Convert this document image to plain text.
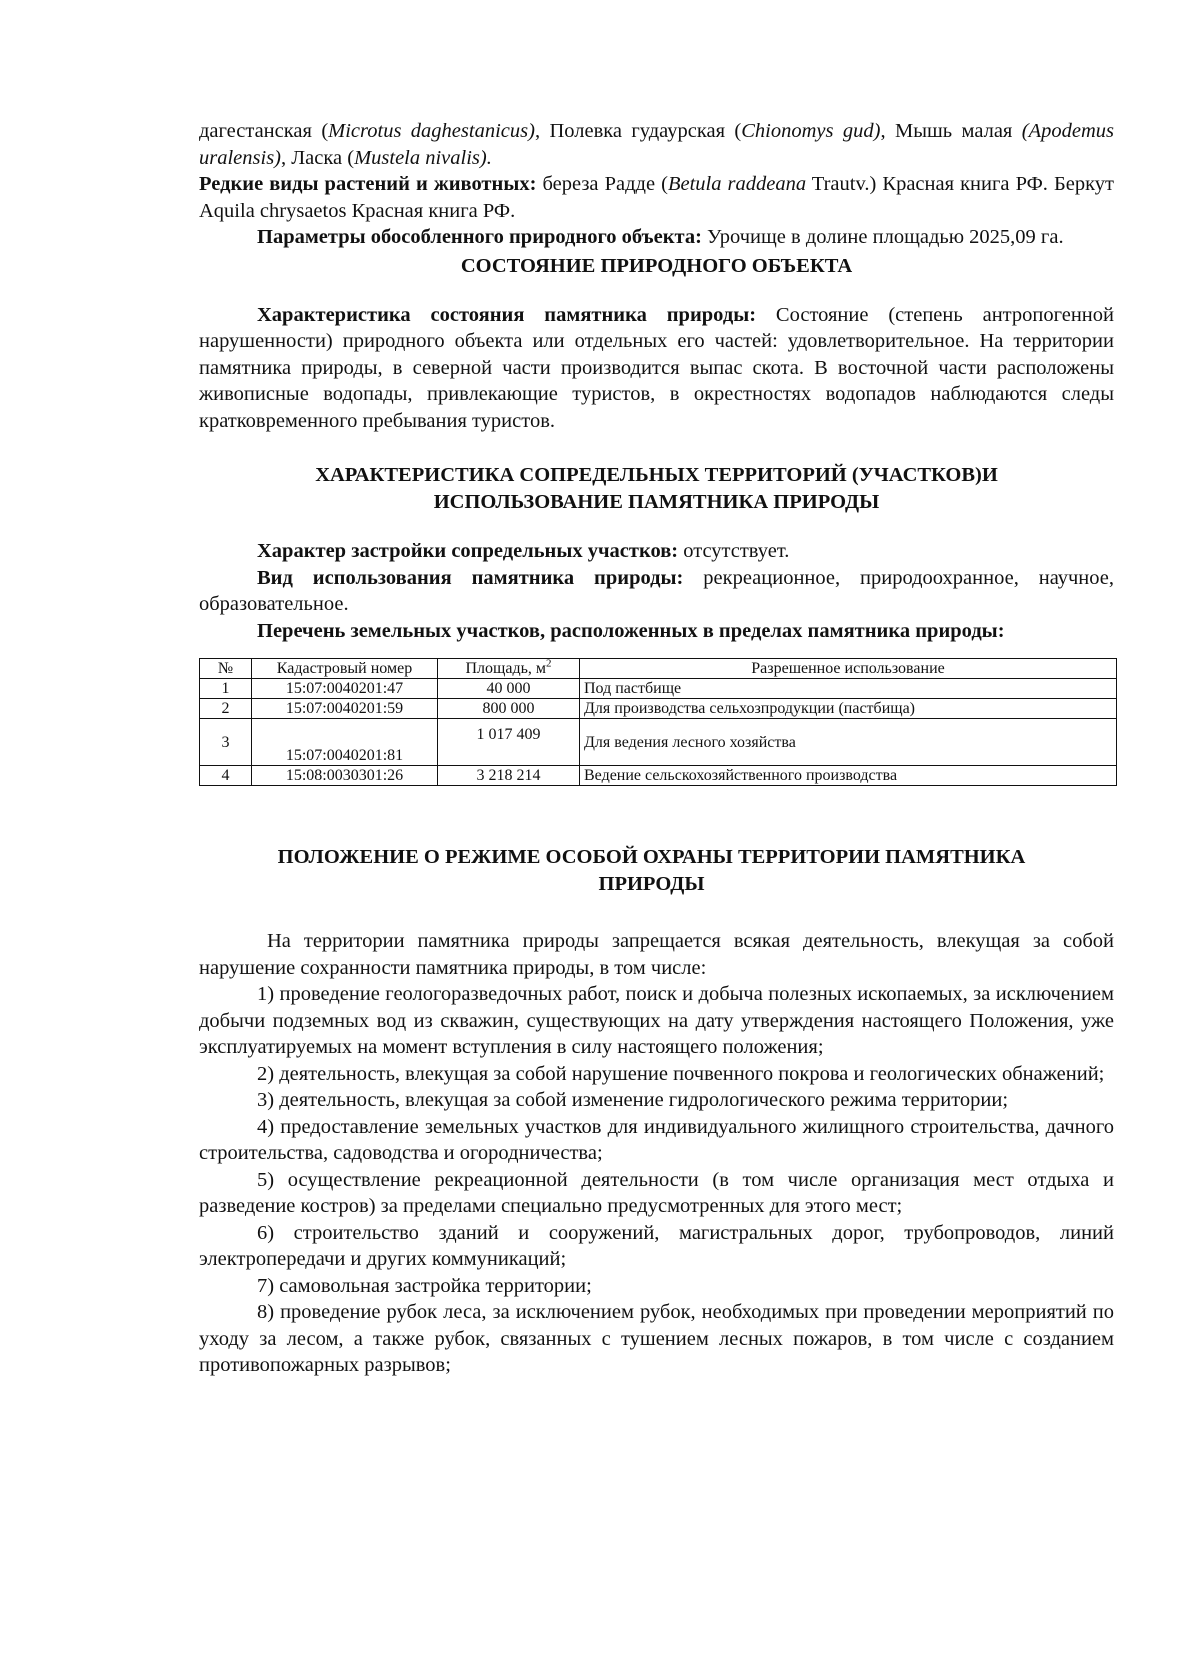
дагестанская (Microtus daghestanicus), Полевка гудаурская (Chionomys gud), Мышь малая (Apodemus uralensis), Ласка (Mustela nivalis).

Редкие виды растений и животных: береза Радде (Betula raddeana Trautv.) Красная книга РФ. Беркут Aquila chrysaetos Красная книга РФ.

Параметры обособленного природного объекта: Урочище в долине площадью 2025,09 га.

СОСТОЯНИЕ ПРИРОДНОГО ОБЪЕКТА

Характеристика состояния памятника природы: Состояние (степень антропогенной нарушенности) природного объекта или отдельных его частей: удовлетворительное. На территории памятника природы, в северной части производится выпас скота. В восточной части расположены живописные водопады, привлекающие туристов, в окрестностях водопадов наблюдаются следы кратковременного пребывания туристов.

ХАРАКТЕРИСТИКА СОПРЕДЕЛЬНЫХ ТЕРРИТОРИЙ (УЧАСТКОВ)И
ИСПОЛЬЗОВАНИЕ ПАМЯТНИКА ПРИРОДЫ

Характер застройки сопредельных участков: отсутствует.

Вид использования памятника природы: рекреационное, природоохранное, научное, образовательное.

Перечень земельных участков, расположенных в пределах памятника природы:

№	Кадастровый номер	Площадь, $м^2$	Разрешенное использование
1	15:07:0040201:47	40 000	Под пастбище
2	15:07:0040201:59	800 000	Для производства сельхозпродукции (пастбища)
3	15:07:0040201:81	1 017 409	Для ведения лесного хозяйства
4	15:08:0030301:26	3 218 214	Ведение сельскохозяйственного производства
ПОЛОЖЕНИЕ О РЕЖИМЕ ОСОБОЙ ОХРАНЫ ТЕРРИТОРИИ ПАМЯТНИКА
ПРИРОДЫ

На территории памятника природы запрещается всякая деятельность, влекущая за собой нарушение сохранности памятника природы, в том числе:

1) проведение геологоразведочных работ, поиск и добыча полезных ископаемых, за исключением добычи подземных вод из скважин, существующих на дату утверждения настоящего Положения, уже эксплуатируемых на момент вступления в силу настоящего положения;

2) деятельность, влекущая за собой нарушение почвенного покрова и геологических обнажений;

3) деятельность, влекущая за собой изменение гидрологического режима территории;

4) предоставление земельных участков для индивидуального жилищного строительства, дачного строительства, садоводства и огородничества;

5) осуществление рекреационной деятельности (в том числе организация мест отдыха и разведение костров) за пределами специально предусмотренных для этого мест;

6) строительство зданий и сооружений, магистральных дорог, трубопроводов, линий электропередачи и других коммуникаций;

7) самовольная застройка территории;

8) проведение рубок леса, за исключением рубок, необходимых при проведении мероприятий по уходу за лесом, а также рубок, связанных с тушением лесных пожаров, в том числе с созданием противопожарных разрывов;
